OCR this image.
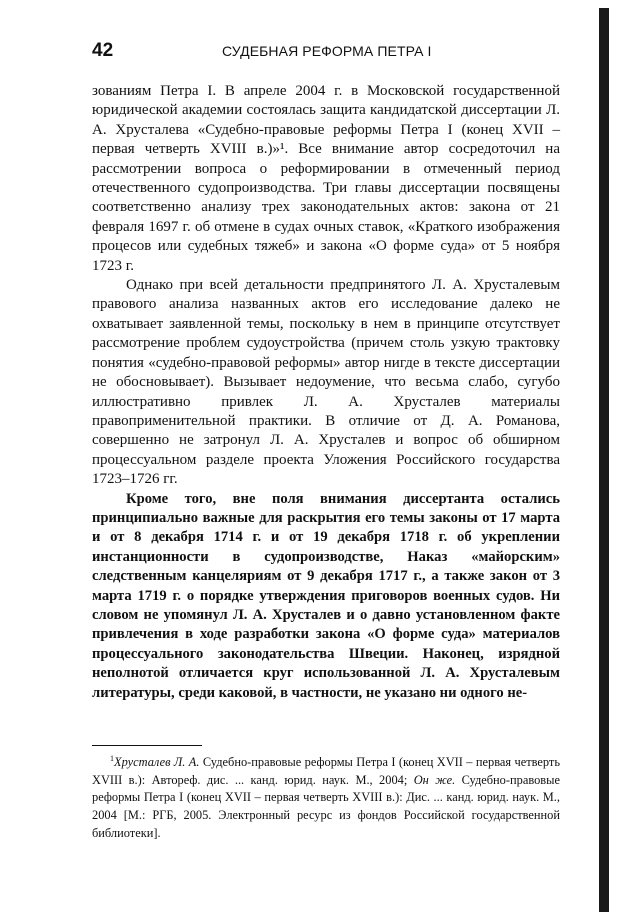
42	СУДЕБНАЯ РЕФОРМА ПЕТРА I

зованиям Петра I. В апреле 2004 г. в Московской государственной юридической академии состоялась защита кандидатской диссертации Л. А. Хрусталева «Судебно-правовые реформы Петра I (конец XVII – первая четверть XVIII в.)»¹. Все внимание автор сосредоточил на рассмотрении вопроса о реформировании в отмеченный период отечественного судопроизводства. Три главы диссертации посвящены соответственно анализу трех законодательных актов: закона от 21 февраля 1697 г. об отмене в судах очных ставок, «Краткого изображения процесов или судебных тяжеб» и закона «О форме суда» от 5 ноября 1723 г.

Однако при всей детальности предпринятого Л. А. Хрусталевым правового анализа названных актов его исследование далеко не охватывает заявленной темы, поскольку в нем в принципе отсутствует рассмотрение проблем судоустройства (причем столь узкую трактовку понятия «судебно-правовой реформы» автор нигде в тексте диссертации не обосновывает). Вызывает недоумение, что весьма слабо, сугубо иллюстративно привлек Л. А. Хрусталев материалы правоприменительной практики. В отличие от Д. А. Романова, совершенно не затронул Л. А. Хрусталев и вопрос об обширном процессуальном разделе проекта Уложения Российского государства 1723–1726 гг.

Кроме того, вне поля внимания диссертанта остались принципиально важные для раскрытия его темы законы от 17 марта и от 8 декабря 1714 г. и от 19 декабря 1718 г. об укреплении инстанционности в судопроизводстве, Наказ «майорским» следственным канцеляриям от 9 декабря 1717 г., а также закон от 3 марта 1719 г. о порядке утверждения приговоров военных судов. Ни словом не упомянул Л. А. Хрусталев и о давно установленном факте привлечения в ходе разработки закона «О форме суда» материалов процессуального законодательства Швеции. Наконец, изрядной неполнотой отличается круг использованной Л. А. Хрусталевым литературы, среди каковой, в частности, не указано ни одного не-

$^1$Хрусталев Л. А. Судебно-правовые реформы Петра I (конец XVII – первая четверть XVIII в.): Автореф. дис. ... канд. юрид. наук. М., 2004; Он же. Судебно-правовые реформы Петра I (конец XVII – первая четверть XVIII в.): Дис. ... канд. юрид. наук. М., 2004 [М.: РГБ, 2005. Электронный ресурс из фондов Российской государственной библиотеки].
